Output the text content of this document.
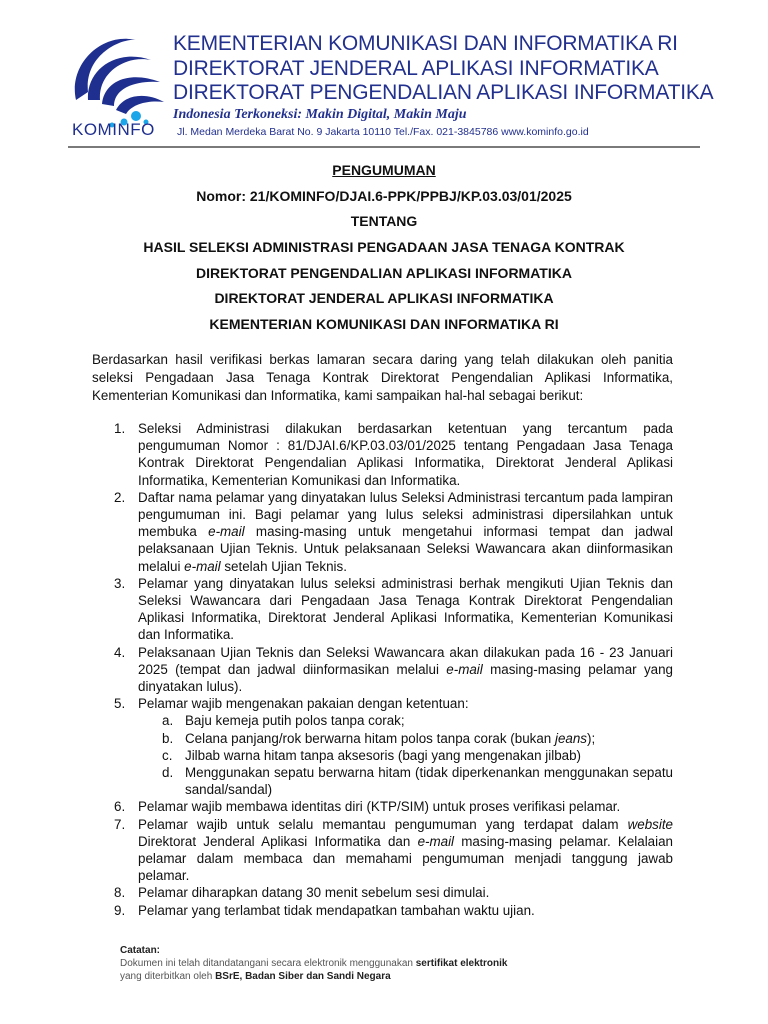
KOMINFO
KEMENTERIAN KOMUNIKASI DAN INFORMATIKA RI
DIREKTORAT JENDERAL APLIKASI INFORMATIKA
DIREKTORAT PENGENDALIAN APLIKASI INFORMATIKA
Indonesia Terkoneksi: Makin Digital, Makin Maju
Jl. Medan Merdeka Barat No. 9 Jakarta 10110 Tel./Fax. 021-3845786 www.kominfo.go.id
PENGUMUMAN
Nomor: 21/KOMINFO/DJAI.6-PPK/PPBJ/KP.03.03/01/2025
TENTANG
HASIL SELEKSI ADMINISTRASI PENGADAAN JASA TENAGA KONTRAK
DIREKTORAT PENGENDALIAN APLIKASI INFORMATIKA
DIREKTORAT JENDERAL APLIKASI INFORMATIKA
KEMENTERIAN KOMUNIKASI DAN INFORMATIKA RI
Berdasarkan hasil verifikasi berkas lamaran secara daring yang telah dilakukan oleh panitia seleksi Pengadaan Jasa Tenaga Kontrak Direktorat Pengendalian Aplikasi Informatika, Kementerian Komunikasi dan Informatika, kami sampaikan hal-hal sebagai berikut:
1. Seleksi Administrasi dilakukan berdasarkan ketentuan yang tercantum pada pengumuman Nomor : 81/DJAI.6/KP.03.03/01/2025 tentang Pengadaan Jasa Tenaga Kontrak Direktorat Pengendalian Aplikasi Informatika, Direktorat Jenderal Aplikasi Informatika, Kementerian Komunikasi dan Informatika.
2. Daftar nama pelamar yang dinyatakan lulus Seleksi Administrasi tercantum pada lampiran pengumuman ini. Bagi pelamar yang lulus seleksi administrasi dipersilahkan untuk membuka e-mail masing-masing untuk mengetahui informasi tempat dan jadwal pelaksanaan Ujian Teknis. Untuk pelaksanaan Seleksi Wawancara akan diinformasikan melalui e-mail setelah Ujian Teknis.
3. Pelamar yang dinyatakan lulus seleksi administrasi berhak mengikuti Ujian Teknis dan Seleksi Wawancara dari Pengadaan Jasa Tenaga Kontrak Direktorat Pengendalian Aplikasi Informatika, Direktorat Jenderal Aplikasi Informatika, Kementerian Komunikasi dan Informatika.
4. Pelaksanaan Ujian Teknis dan Seleksi Wawancara akan dilakukan pada 16 - 23 Januari 2025 (tempat dan jadwal diinformasikan melalui e-mail masing-masing pelamar yang dinyatakan lulus).
5. Pelamar wajib mengenakan pakaian dengan ketentuan:
a. Baju kemeja putih polos tanpa corak;
b. Celana panjang/rok berwarna hitam polos tanpa corak (bukan jeans);
c. Jilbab warna hitam tanpa aksesoris (bagi yang mengenakan jilbab)
d. Menggunakan sepatu berwarna hitam (tidak diperkenankan menggunakan sepatu sandal/sandal)
6. Pelamar wajib membawa identitas diri (KTP/SIM) untuk proses verifikasi pelamar.
7. Pelamar wajib untuk selalu memantau pengumuman yang terdapat dalam website Direktorat Jenderal Aplikasi Informatika dan e-mail masing-masing pelamar. Kelalaian pelamar dalam membaca dan memahami pengumuman menjadi tanggung jawab pelamar.
8. Pelamar diharapkan datang 30 menit sebelum sesi dimulai.
9. Pelamar yang terlambat tidak mendapatkan tambahan waktu ujian.
Catatan:
Dokumen ini telah ditandatangani secara elektronik menggunakan sertifikat elektronik
yang diterbitkan oleh BSrE, Badan Siber dan Sandi Negara
